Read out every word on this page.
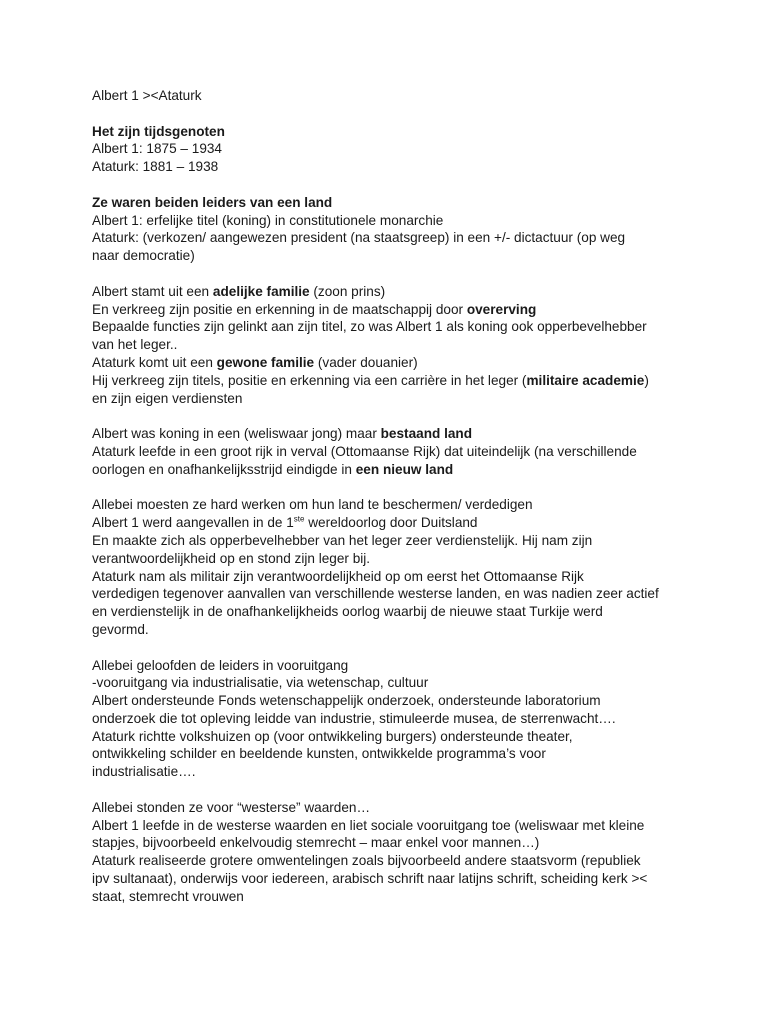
Albert 1 ><Ataturk
Het zijn tijdsgenoten
Albert 1: 1875 – 1934
Ataturk: 1881 – 1938
Ze waren beiden leiders van een land
Albert 1: erfelijke titel (koning) in constitutionele monarchie
Ataturk: (verkozen/ aangewezen president (na staatsgreep) in een +/- dictactuur (op weg
naar democratie)
Albert stamt uit een adelijke familie (zoon prins)
En verkreeg zijn positie en erkenning in de maatschappij door overerving
Bepaalde functies zijn gelinkt aan zijn titel, zo was Albert 1 als koning ook opperbevelhebber
van het leger..
Ataturk komt uit een gewone familie (vader douanier)
Hij verkreeg zijn titels, positie en erkenning via een carrière in het leger (militaire academie)
en zijn eigen verdiensten
Albert was koning in een (weliswaar jong) maar bestaand land
Ataturk leefde in een groot rijk in verval (Ottomaanse Rijk) dat uiteindelijk (na verschillende
oorlogen en onafhankelijksstrijd eindigde in een nieuw land
Allebei moesten ze hard werken om hun land te beschermen/ verdedigen
Albert 1 werd aangevallen in de 1ste wereldoorlog door Duitsland
En maakte zich als opperbevelhebber van het leger zeer verdienstelijk. Hij nam zijn
verantwoordelijkheid op en stond zijn leger bij.
Ataturk nam als militair zijn verantwoordelijkheid op om eerst het Ottomaanse Rijk
verdedigen tegenover aanvallen van verschillende westerse landen, en was nadien zeer actief
en verdienstelijk in de onafhankelijkheids oorlog waarbij de nieuwe staat Turkije werd
gevormd.
Allebei geloofden de leiders in vooruitgang
-vooruitgang via industrialisatie, via wetenschap, cultuur
Albert ondersteunde Fonds wetenschappelijk onderzoek, ondersteunde laboratorium
onderzoek die tot opleving leidde van industrie, stimuleerde musea, de sterrenwacht….
Ataturk richtte volkshuizen op (voor ontwikkeling burgers) ondersteunde theater,
ontwikkeling schilder en beeldende kunsten, ontwikkelde programma’s voor
industrialisatie….
Allebei stonden ze voor “westerse” waarden…
Albert 1 leefde in de westerse waarden en liet sociale vooruitgang toe (weliswaar met kleine
stapjes, bijvoorbeeld enkelvoudig stemrecht – maar enkel voor mannen…)
Ataturk realiseerde grotere omwentelingen zoals bijvoorbeeld andere staatsvorm (republiek
ipv sultanaat), onderwijs voor iedereen, arabisch schrift naar latijns schrift, scheiding kerk ><
staat, stemrecht vrouwen
